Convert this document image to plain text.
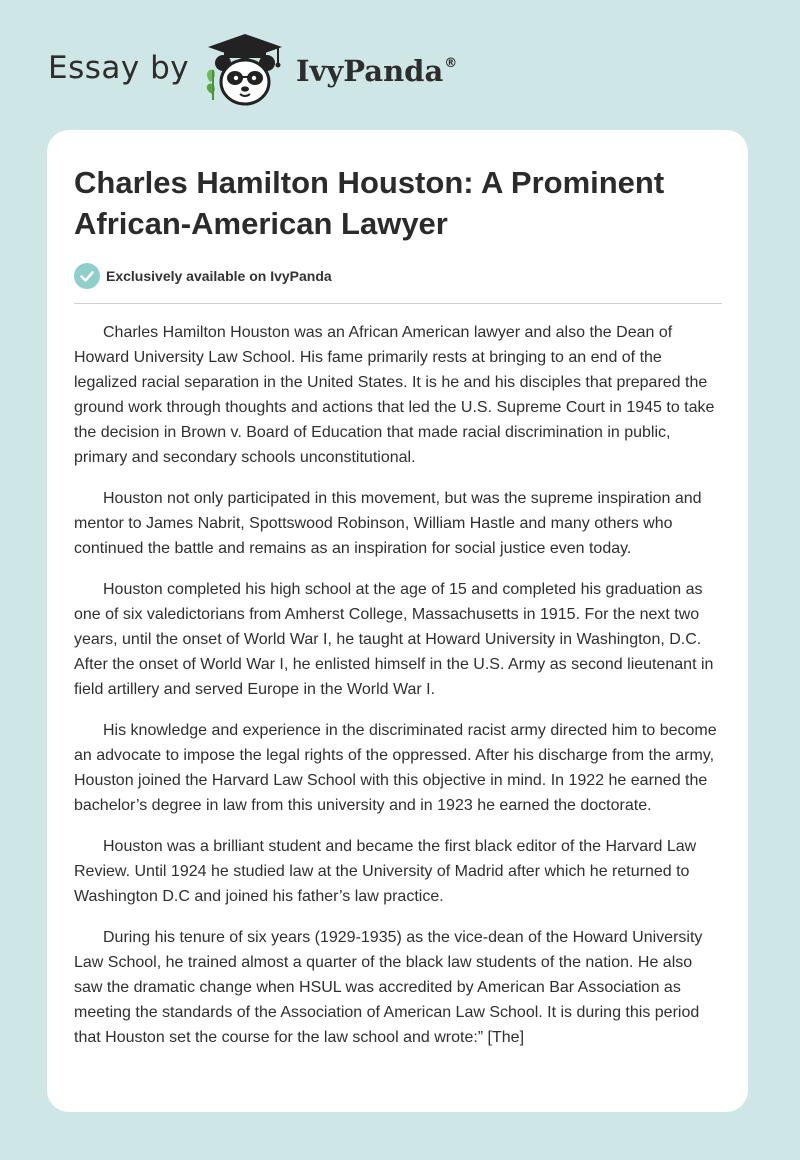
Essay by	IvyPanda®
Charles Hamilton Houston: A Prominent African-American Lawyer
Exclusively available on IvyPanda

Charles Hamilton Houston was an African American lawyer and also the Dean of Howard University Law School. His fame primarily rests at bringing to an end of the legalized racial separation in the United States. It is he and his disciples that prepared the ground work through thoughts and actions that led the U.S. Supreme Court in 1945 to take the decision in Brown v. Board of Education that made racial discrimination in public, primary and secondary schools unconstitutional.

Houston not only participated in this movement, but was the supreme inspiration and mentor to James Nabrit, Spottswood Robinson, William Hastle and many others who continued the battle and remains as an inspiration for social justice even today.

Houston completed his high school at the age of 15 and completed his graduation as one of six valedictorians from Amherst College, Massachusetts in 1915. For the next two years, until the onset of World War I, he taught at Howard University in Washington, D.C. After the onset of World War I, he enlisted himself in the U.S. Army as second lieutenant in field artillery and served Europe in the World War I.

His knowledge and experience in the discriminated racist army directed him to become an advocate to impose the legal rights of the oppressed. After his discharge from the army, Houston joined the Harvard Law School with this objective in mind. In 1922 he earned the bachelor’s degree in law from this university and in 1923 he earned the doctorate.

Houston was a brilliant student and became the first black editor of the Harvard Law Review. Until 1924 he studied law at the University of Madrid after which he returned to Washington D.C and joined his father’s law practice.

During his tenure of six years (1929-1935) as the vice-dean of the Howard University Law School, he trained almost a quarter of the black law students of the nation. He also saw the dramatic change when HSUL was accredited by American Bar Association as meeting the standards of the Association of American Law School. It is during this period that Houston set the course for the law school and wrote:” [The]
